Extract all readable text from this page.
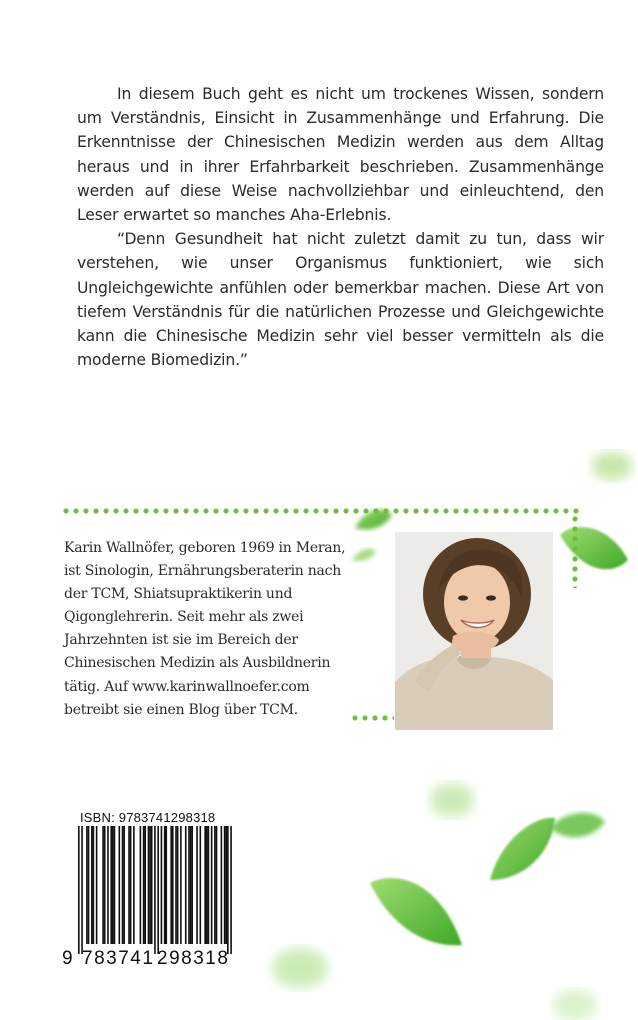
In diesem Buch geht es nicht um trockenes Wissen, sondern um Verständnis, Einsicht in Zusammenhänge und Erfahrung. Die Erkenntnisse der Chinesischen Medizin werden aus dem Alltag heraus und in ihrer Erfahrbarkeit beschrieben. Zusammenhänge werden auf diese Weise nachvollziehbar und einleuchtend, den Leser erwartet so manches Aha-Erlebnis.

“Denn Gesundheit hat nicht zuletzt damit zu tun, dass wir verstehen, wie unser Organismus funktioniert, wie sich Ungleichgewichte anfühlen oder bemerkbar machen. Diese Art von tiefem Verständnis für die natürlichen Prozesse und Gleichgewichte kann die Chinesische Medizin sehr viel besser vermitteln als die moderne Biomedizin.”

Karin Wallnöfer, geboren 1969 in Meran, ist Sinologin, Ernährungsberaterin nach der TCM, Shiatsupraktikerin und Qigonglehrerin. Seit mehr als zwei Jahrzehnten ist sie im Bereich der Chinesischen Medizin als Ausbildnerin tätig. Auf www.karinwallnoefer.com betreibt sie einen Blog über TCM.
ISBN: 9783741298318
9 783741 298318
